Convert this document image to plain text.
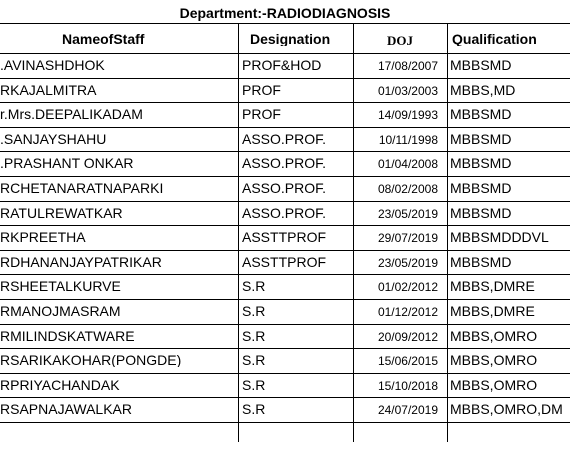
Department:-RADIODIAGNOSIS
NameofStaff	Designation	DOJ	Qualification
.AVINASHDHOK	PROF&HOD	17/08/2007 MBBSMD
RKAJALMITRA	PROF	01/03/2003 MBBS,MD
r.Mrs.DEEPALIKADAM	PROF	14/09/1993 MBBSMD
.SANJAYSHAHU	ASSO.PROF.	10/11/1998 MBBSMD
.PRASHANT ONKAR	ASSO.PROF.	01/04/2008 MBBSMD
RCHETANARATNAPARKI	ASSO.PROF.	08/02/2008 MBBSMD
RATULREWATKAR	ASSO.PROF.	23/05/2019 MBBSMD
RKPREETHA	ASSTTPROF	29/07/2019 MBBSMDDDVL
RDHANANJAYPATRIKAR	ASSTTPROF	23/05/2019 MBBSMD
RSHEETALKURVE	S.R	01/02/2012 MBBS,DMRE
RMANOJMASRAM	S.R	01/12/2012 MBBS,DMRE
RMILINDSKATWARE	S.R	20/09/2012 MBBS,OMRO
RSARIKAKOHAR(PONGDE)	S.R	15/06/2015 MBBS,OMRO
RPRIYACHANDAK	S.R	15/10/2018 MBBS,OMRO
RSAPNAJAWALKAR	S.R	24/07/2019 MBBS,OMRO,DM
